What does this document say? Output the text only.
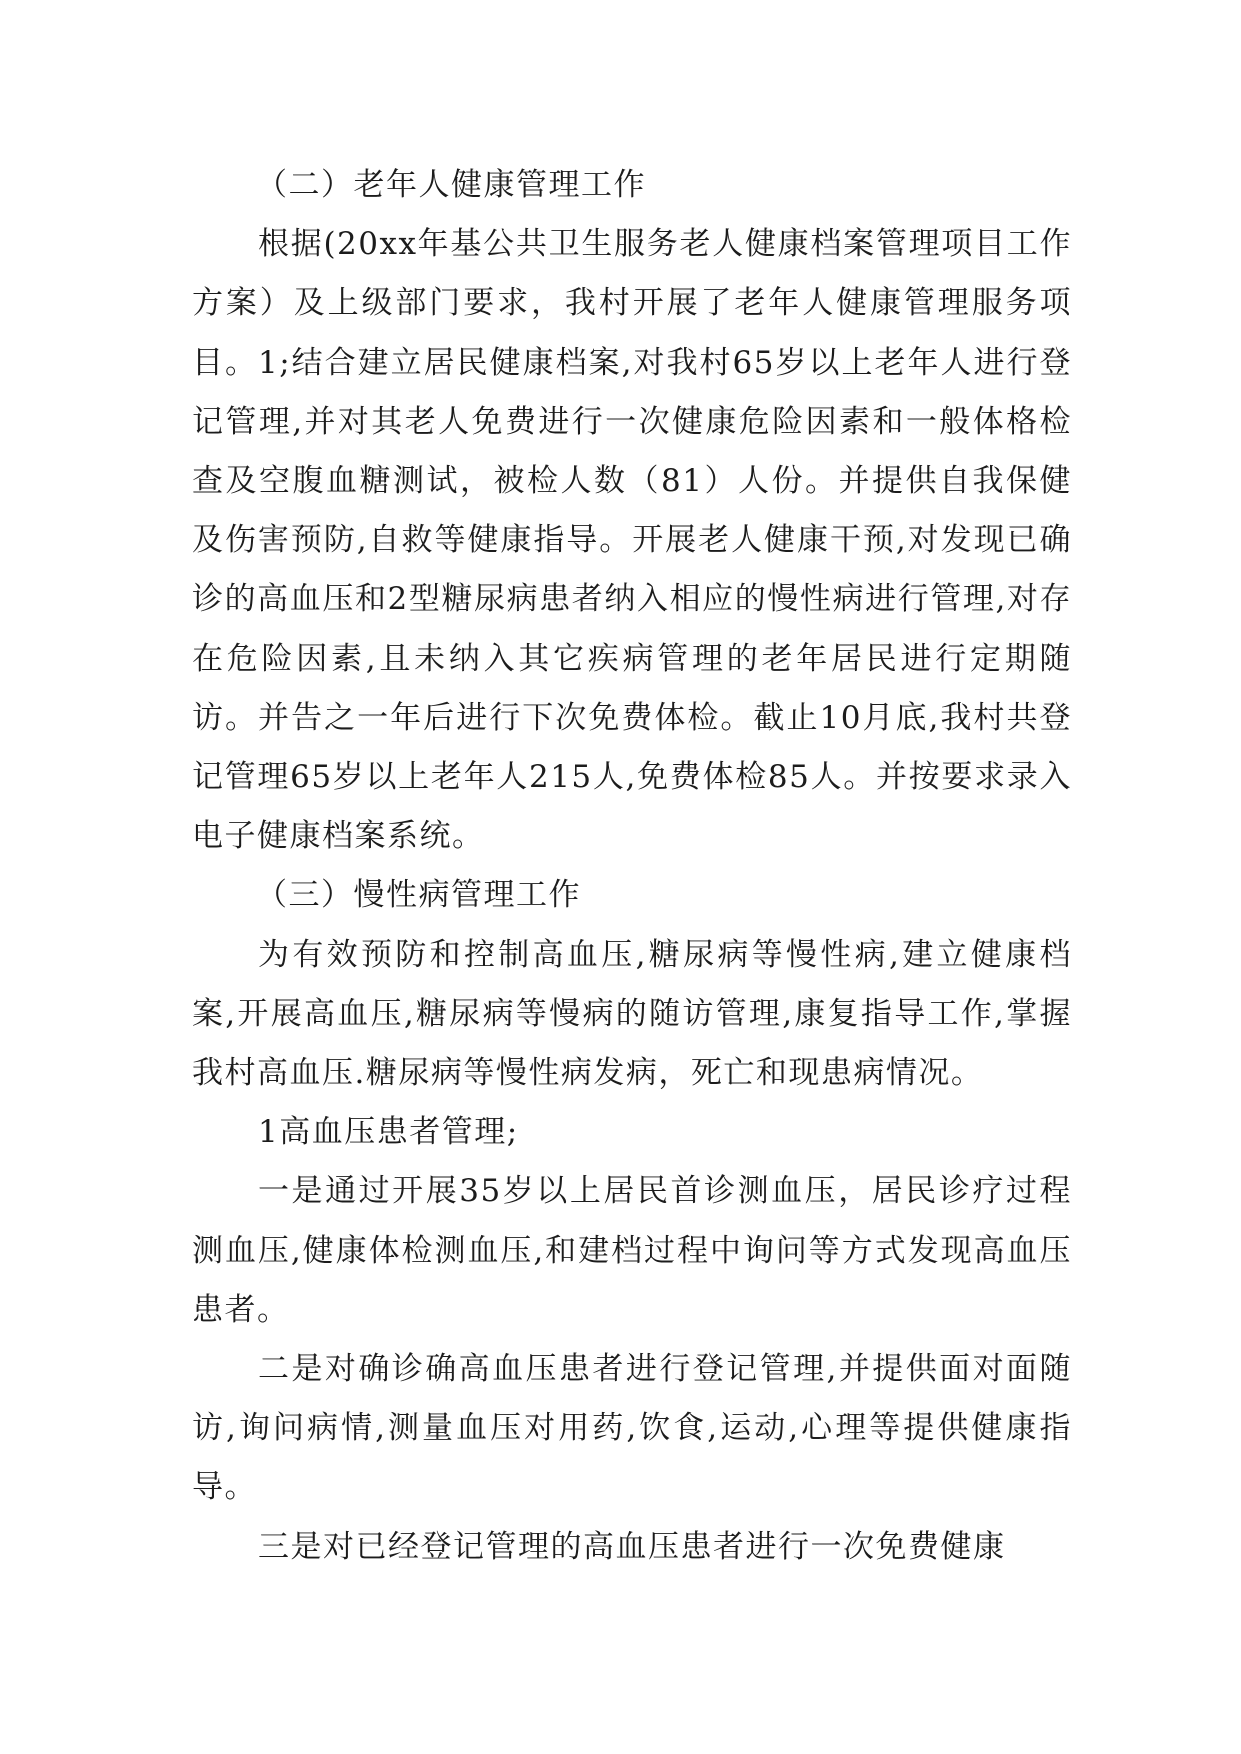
（二）老年人健康管理工作

根据(20xx年基公共卫生服务老人健康档案管理项目工作方案）及上级部门要求，我村开展了老年人健康管理服务项目。1;结合建立居民健康档案,对我村65岁以上老年人进行登记管理,并对其老人免费进行一次健康危险因素和一般体格检查及空腹血糖测试，被检人数（81）人份。并提供自我保健及伤害预防,自救等健康指导。开展老人健康干预,对发现已确诊的高血压和2型糖尿病患者纳入相应的慢性病进行管理,对存在危险因素,且未纳入其它疾病管理的老年居民进行定期随访。并告之一年后进行下次免费体检。截止10月底,我村共登记管理65岁以上老年人215人,免费体检85人。并按要求录入电子健康档案系统。

（三）慢性病管理工作

为有效预防和控制高血压,糖尿病等慢性病,建立健康档案,开展高血压,糖尿病等慢病的随访管理,康复指导工作,掌握我村高血压.糖尿病等慢性病发病，死亡和现患病情况。

1高血压患者管理;

一是通过开展35岁以上居民首诊测血压，居民诊疗过程测血压,健康体检测血压,和建档过程中询问等方式发现高血压患者。

二是对确诊确高血压患者进行登记管理,并提供面对面随访,询问病情,测量血压对用药,饮食,运动,心理等提供健康指导。

三是对已经登记管理的高血压患者进行一次免费健康
